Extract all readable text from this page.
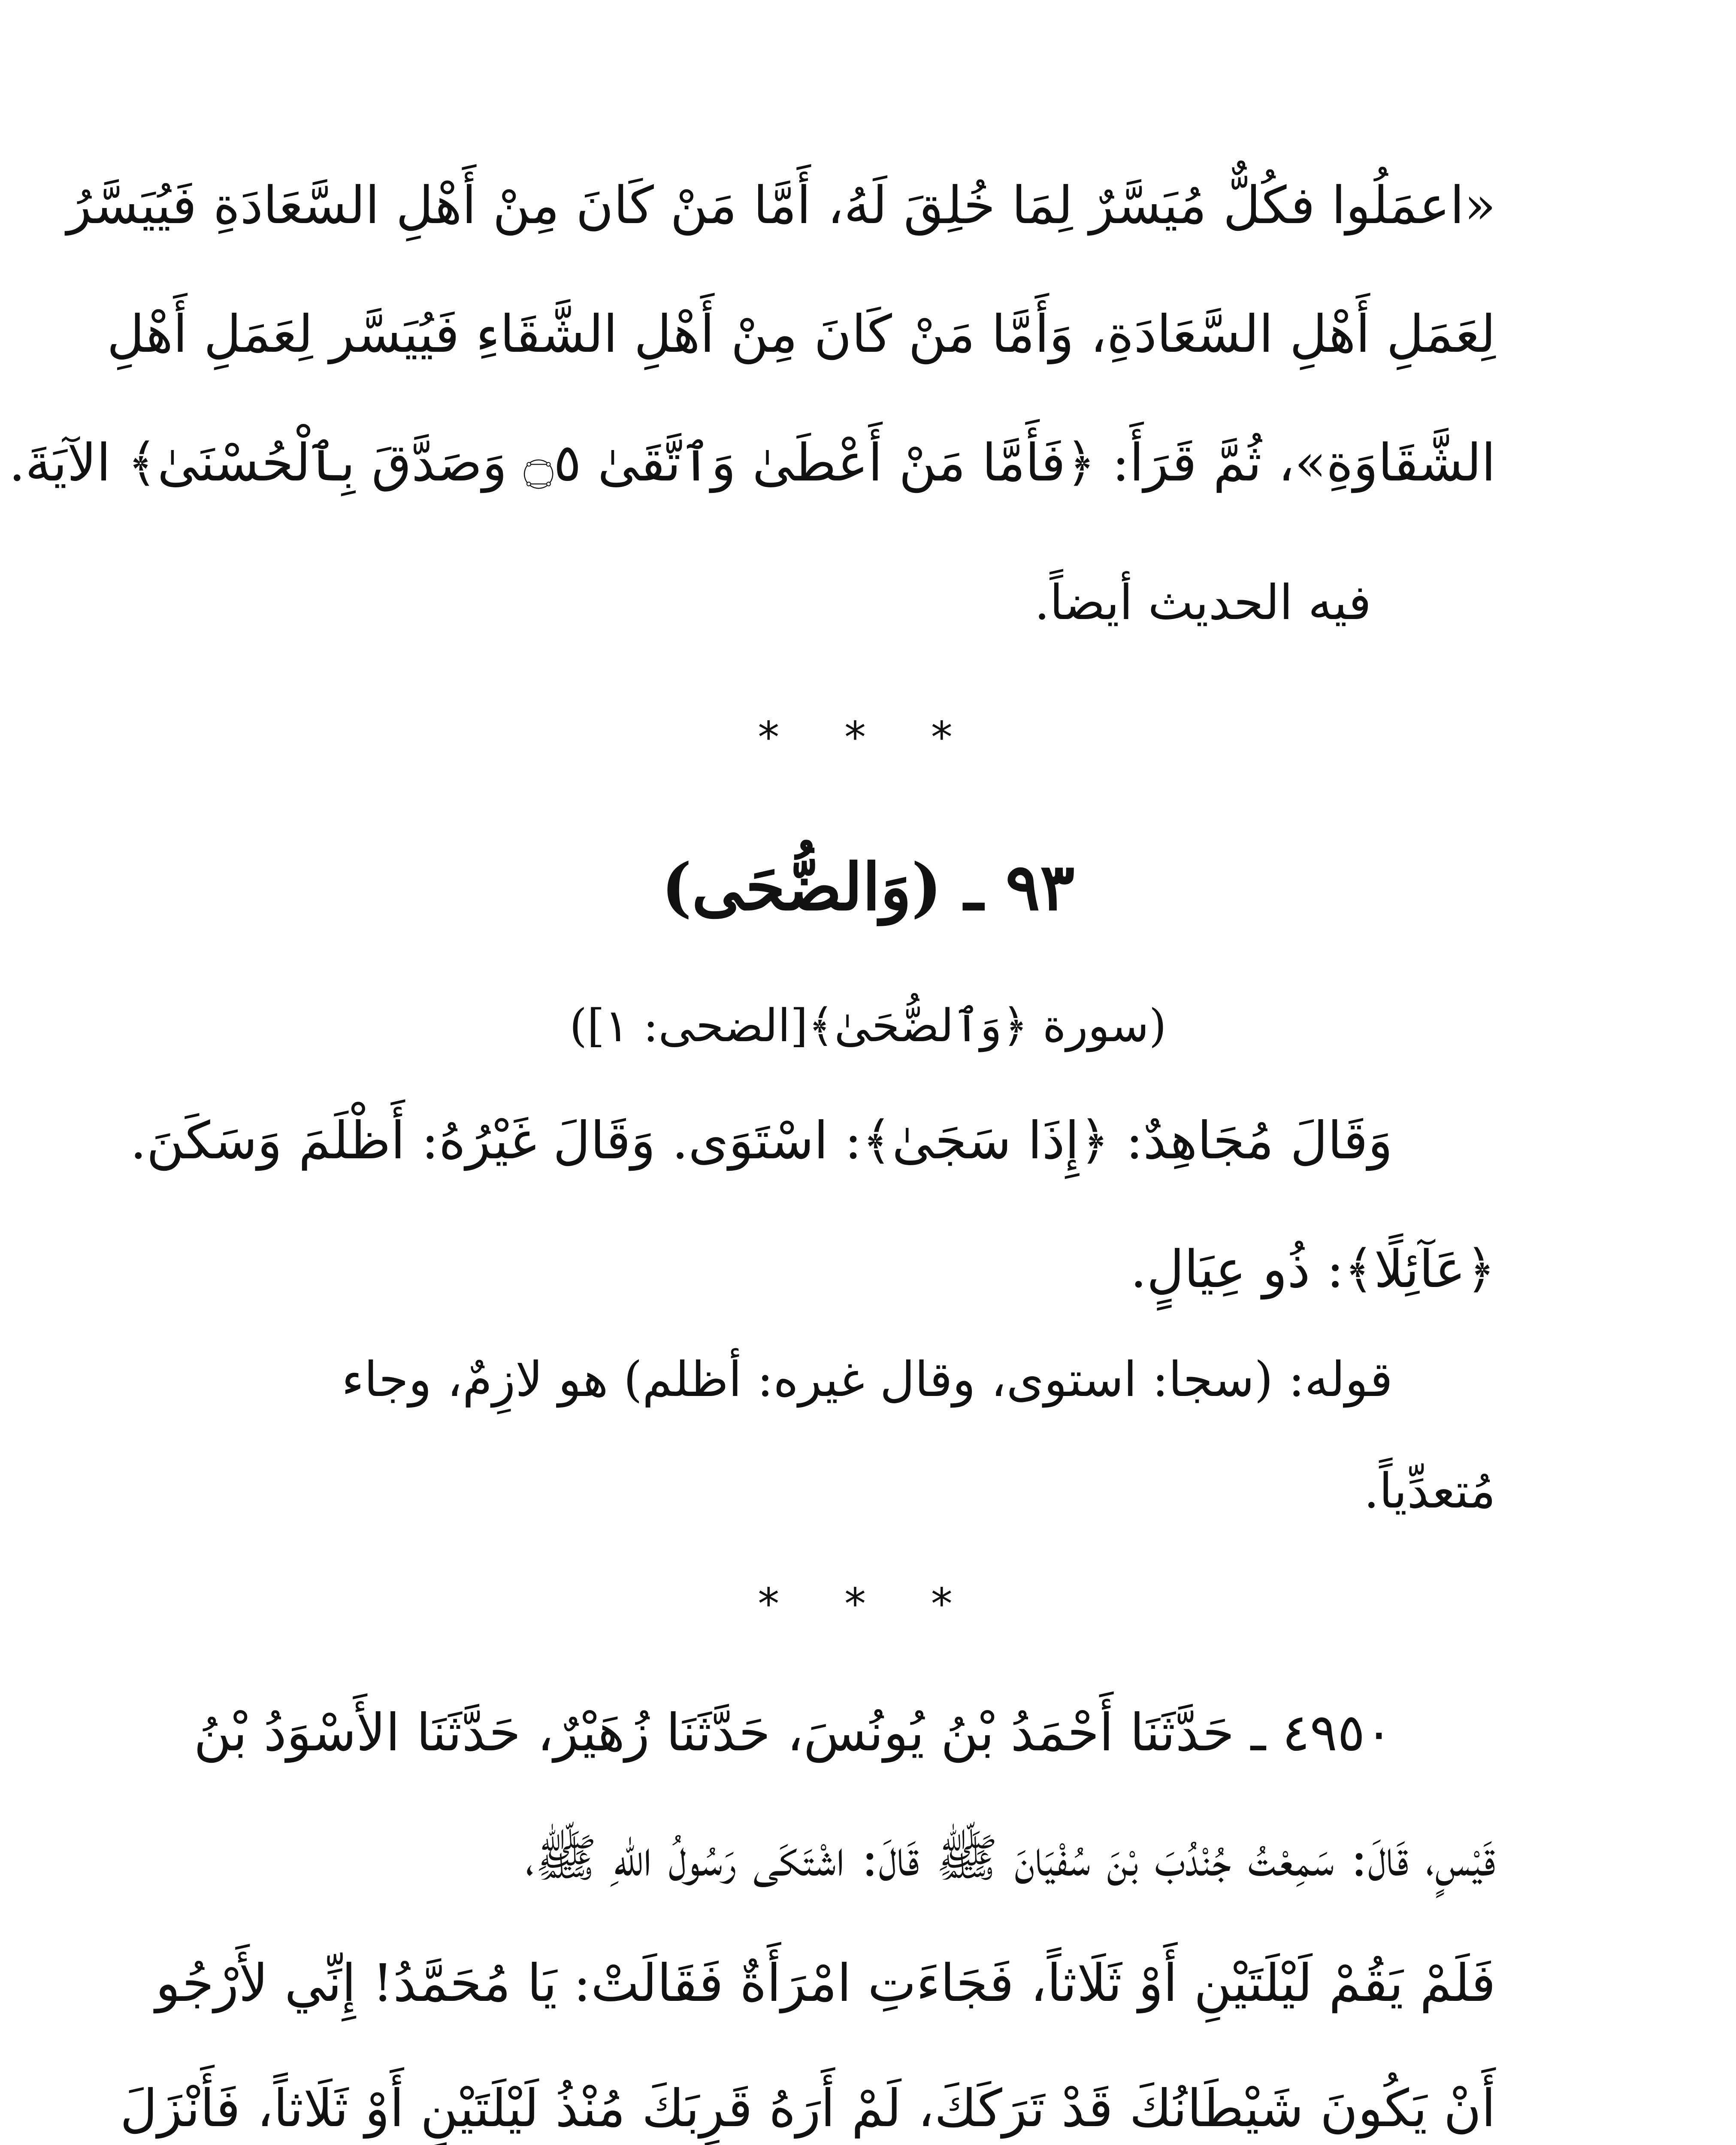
«اعمَلُوا فكُلٌّ مُيَسَّرٌ لِمَا خُلِقَ لَهُ، أَمَّا مَنْ كَانَ مِنْ أَهْلِ السَّعَادَةِ فَيُيَسَّرُ
لِعَمَلِ أَهْلِ السَّعَادَةِ، وَأَمَّا مَنْ كَانَ مِنْ أَهْلِ الشَّقَاءِ فَيُيَسَّر لِعَمَلِ أَهْلِ
الشَّقَاوَةِ»، ثُمَّ قَرَأَ: ﴿فَأَمَّا مَنْ أَعْطَىٰ وَٱتَّقَىٰ ۝٥ وَصَدَّقَ بِٱلْحُسْنَىٰ﴾ الآيَةَ.
فيه الحديث أيضاً.
* * *
٩٣ ـ (وَالضُّحَى)
(سورة ﴿وَٱلضُّحَىٰ﴾[الضحى: ١])
وَقَالَ مُجَاهِدٌ: ﴿إِذَا سَجَىٰ﴾: اسْتَوَى. وَقَالَ غَيْرُهُ: أَظْلَمَ وَسَكَنَ.
﴿عَآئِلًا﴾: ذُو عِيَالٍ.
قوله: (سجا: استوى، وقال غيره: أظلم) هو لازِمٌ، وجاء
مُتعدِّياً.
* * *
٤٩٥٠ ـ حَدَّثَنَا أَحْمَدُ بْنُ يُونُسَ، حَدَّثَنَا زُهَيْرٌ، حَدَّثَنَا الأَسْوَدُ بْنُ
قَيْسٍ، قَالَ: سَمِعْتُ جُنْدُبَ بْنَ سُفْيَانَ ﷺ قَالَ: اشْتَكَى رَسُولُ اللهِ ﷺ،
فَلَمْ يَقُمْ لَيْلَتَيْنِ أَوْ ثَلَاثاً، فَجَاءَتِ امْرَأَةٌ فَقَالَتْ: يَا مُحَمَّدُ! إِنِّي لأَرْجُو
أَنْ يَكُونَ شَيْطَانُكَ قَدْ تَرَكَكَ، لَمْ أَرَهُ قَرِبَكَ مُنْذُ لَيْلَتَيْنِ أَوْ ثَلَاثاً، فَأَنْزَلَ
